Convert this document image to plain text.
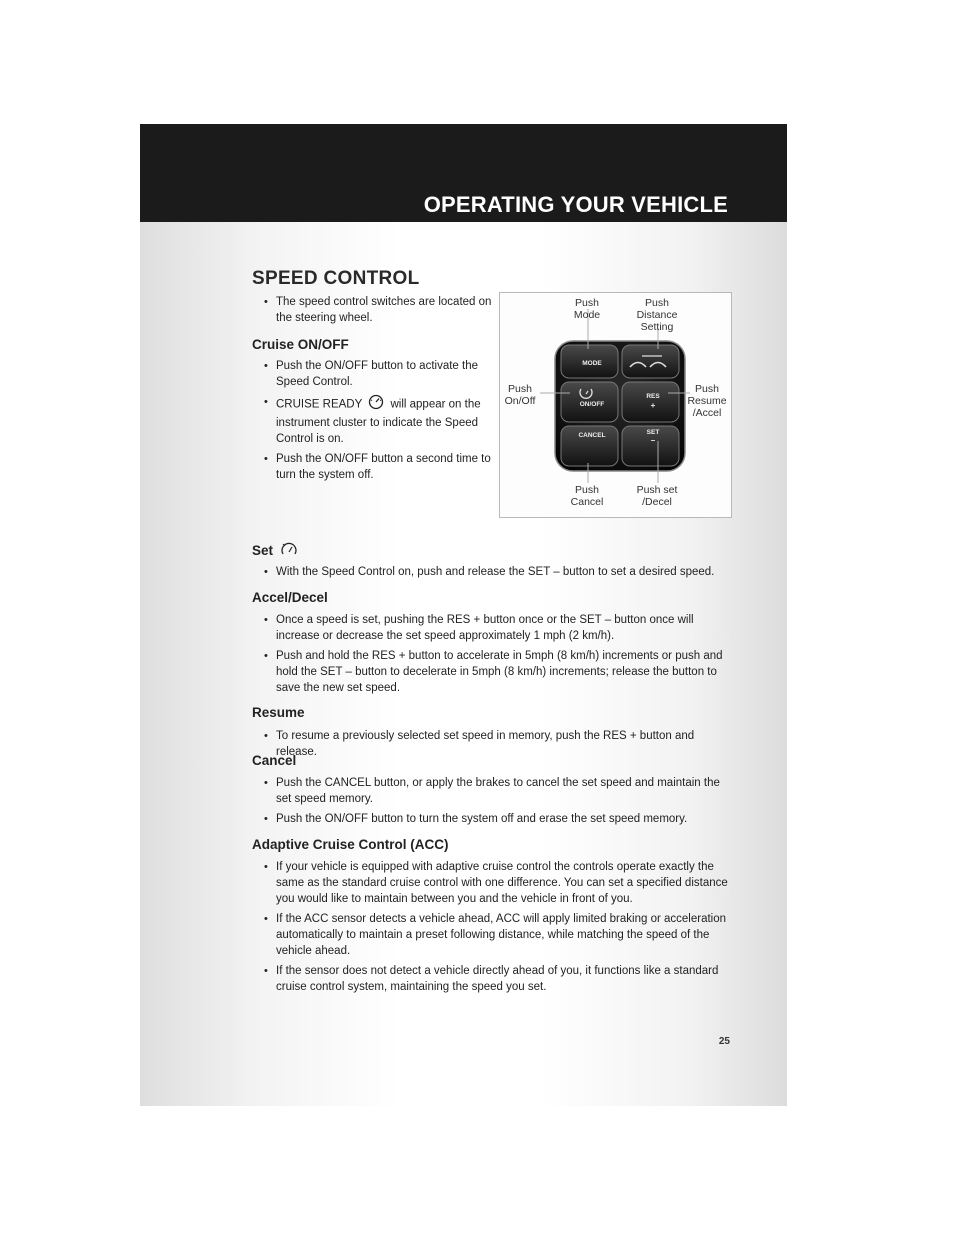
OPERATING YOUR VEHICLE
SPEED CONTROL
• The speed control switches are located on the steering wheel.
Cruise ON/OFF
• Push the ON/OFF button to activate the Speed Control.
• CRUISE READY will appear on the instrument cluster to indicate the Speed Control is on.
• Push the ON/OFF button a second time to turn the system off.
MODE
ON/OFF
RES
+
CANCEL	SET
–
Push
Mode
Push
Distance
Setting
Push
On/Off
Push
Resume
/Accel
Push
Cancel
Push set
/Decel
Set
• With the Speed Control on, push and release the SET – button to set a desired speed.
Accel/Decel
• Once a speed is set, pushing the RES + button once or the SET – button once will increase or decrease the set speed approximately 1 mph (2 km/h).
• Push and hold the RES + button to accelerate in 5mph (8 km/h) increments or push and hold the SET – button to decelerate in 5mph (8 km/h) increments; release the button to save the new set speed.
Resume
• To resume a previously selected set speed in memory, push the RES + button and release.
Cancel
• Push the CANCEL button, or apply the brakes to cancel the set speed and maintain the set speed memory.
• Push the ON/OFF button to turn the system off and erase the set speed memory.
Adaptive Cruise Control (ACC)
• If your vehicle is equipped with adaptive cruise control the controls operate exactly the same as the standard cruise control with one difference. You can set a specified distance you would like to maintain between you and the vehicle in front of you.
• If the ACC sensor detects a vehicle ahead, ACC will apply limited braking or acceleration automatically to maintain a preset following distance, while matching the speed of the vehicle ahead.
• If the sensor does not detect a vehicle directly ahead of you, it functions like a standard cruise control system, maintaining the speed you set.
25
